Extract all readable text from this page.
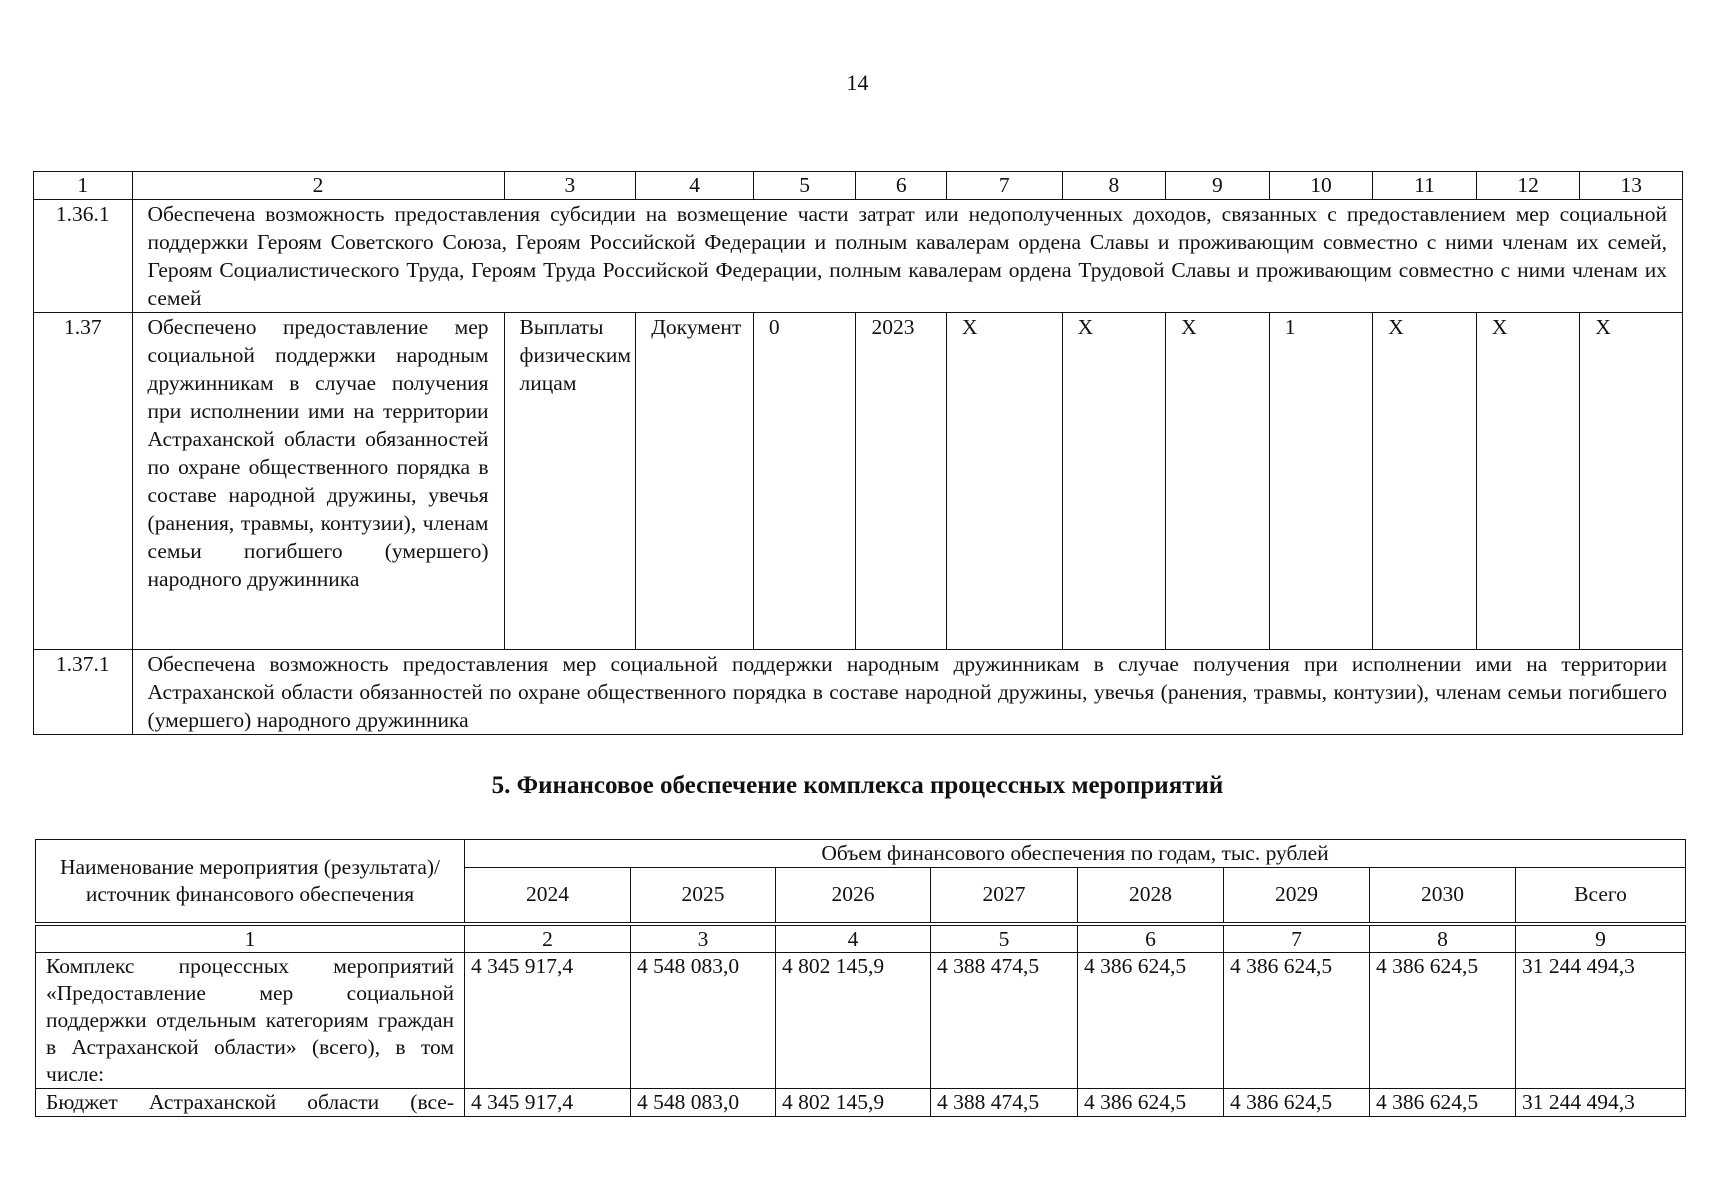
14
1	2	3	4	5	6	7	8	9	10	11	12	13
1.36.1	Обеспечена возможность предоставления субсидии на возмещение части затрат или недополученных доходов, связанных с предоставлением мер социальной поддержки Героям Советского Союза, Героям Российской Федерации и полным кавалерам ордена Славы и проживающим совместно с ними членам их семей, Героям Социалистического Труда, Героям Труда Российской Федерации, полным кавалерам ордена Трудовой Славы и проживающим совместно с ними членам их семей											
1.37	Обеспечено предоставление мер социальной поддержки народным дружинникам в случае получения при исполнении ими на территории Астраханской области обязанностей по охране общественного порядка в составе народной дружины, увечья (ранения, травмы, контузии), членам семьи погибшего (умершего) народного дружинника	Выплаты физическим лицам	Документ	0	2023	X	X	X	1	X	X	X
1.37.1	Обеспечена возможность предоставления мер социальной поддержки народным дружинникам в случае получения при исполнении ими на территории Астраханской области обязанностей по охране общественного порядка в составе народной дружины, увечья (ранения, травмы, контузии), членам семьи погибшего (умершего) народного дружинника											
5. Финансовое обеспечение комплекса процессных мероприятий
Наименование мероприятия (результата)/ источник финансового обеспечения	Объем финансового обеспечения по годам, тыс. рублей							
	2024	2025	2026	2027	2028	2029	2030	Всего
1	2	3	4	5	6	7	8	9
Комплекс процессных мероприятий «Предоставление мер социальной поддержки отдельным категориям граждан в Астраханской области» (всего), в том числе:	4 345 917,4	4 548 083,0	4 802 145,9	4 388 474,5	4 386 624,5	4 386 624,5	4 386 624,5	31 244 494,3
Бюджет Астраханской области (все-	4 345 917,4	4 548 083,0	4 802 145,9	4 388 474,5	4 386 624,5	4 386 624,5	4 386 624,5	31 244 494,3
